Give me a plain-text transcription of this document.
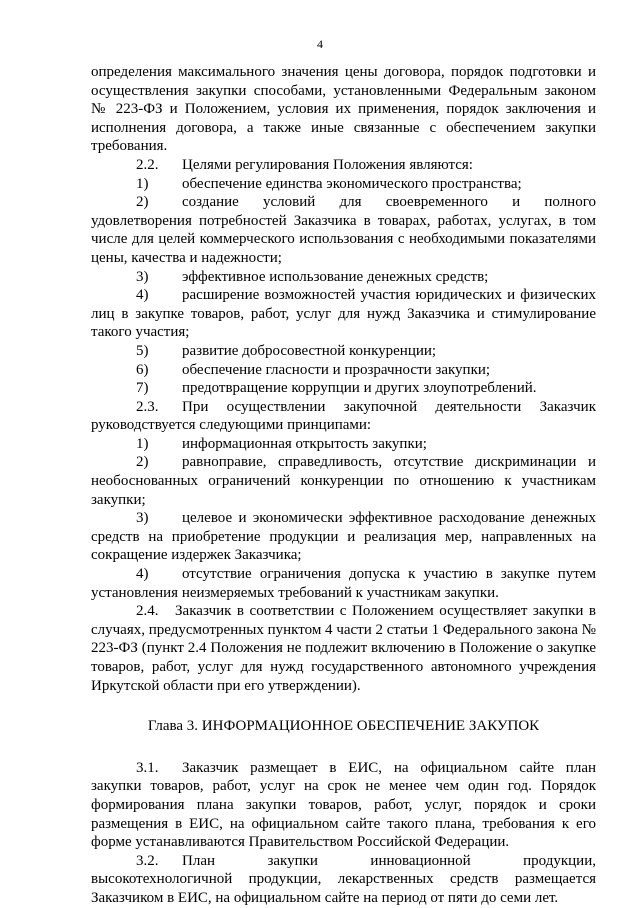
4

определения максимального значения цены договора, порядок подготовки и осуществления закупки способами, установленными Федеральным законом № 223-ФЗ и Положением, условия их применения, порядок заключения и исполнения договора, а также иные связанные с обеспечением закупки требования.

2.2.	Целями регулирования Положения являются:
1)	обеспечение единства экономического пространства;
2)	создание условий для своевременного и полного

удовлетворения потребностей Заказчика в товарах, работах, услугах, в том числе для целей коммерческого использования с необходимыми показателями цены, качества и надежности;

3)	эффективное использование денежных средств;
4)	расширение возможностей участия юридических и физических

лиц в закупке товаров, работ, услуг для нужд Заказчика и стимулирование такого участия;

5)	развитие добросовестной конкуренции;
6)	обеспечение гласности и прозрачности закупки;
7)	предотвращение коррупции и других злоупотреблений.
2.3.	При осуществлении закупочной деятельности Заказчик

руководствуется следующими принципами:

1)	информационная открытость закупки;
2)	равноправие, справедливость, отсутствие дискриминации и

необоснованных ограничений конкуренции по отношению к участникам закупки;

3)	целевое и экономически эффективное расходование денежных

средств на приобретение продукции и реализация мер, направленных на сокращение издержек Заказчика;

4)	отсутствие ограничения допуска к участию в закупке путем

установления неизмеряемых требований к участникам закупки.

2.4.   Заказчик в соответствии с Положением осуществляет закупки в случаях, предусмотренных пунктом 4 части 2 статьи 1 Федерального закона № 223-ФЗ (пункт 2.4 Положения не подлежит включению в Положение о закупке товаров, работ, услуг для нужд государственного автономного учреждения Иркутской области при его утверждении).

Глава 3. ИНФОРМАЦИОННОЕ ОБЕСПЕЧЕНИЕ ЗАКУПОК

3.1.	Заказчик размещает в ЕИС, на официальном сайте план

закупки товаров, работ, услуг на срок не менее чем один год. Порядок формирования плана закупки товаров, работ, услуг, порядок и сроки размещения в ЕИС, на официальном сайте такого плана, требования к его форме устанавливаются Правительством Российской Федерации.

3.2.	План закупки инновационной продукции,

высокотехнологичной продукции, лекарственных средств размещается Заказчиком в ЕИС, на официальном сайте на период от пяти до семи лет.
